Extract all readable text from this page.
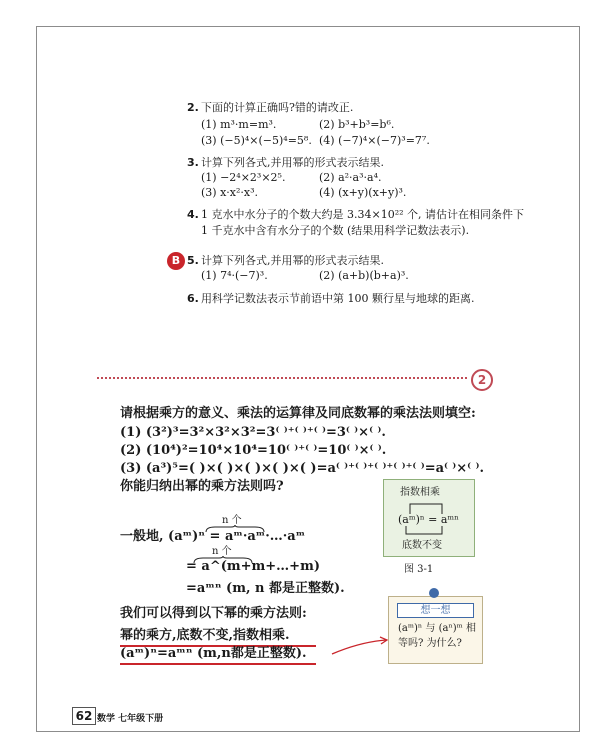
2. 下面的计算正确吗?错的请改正.
(1) m³·m=m³.	(2) b³+b³=b⁶.
(3) (−5)⁴×(−5)⁴=5⁸. (4) (−7)⁴×(−7)³=7⁷.
3. 计算下列各式,并用幂的形式表示结果.
(1) −2⁴×2³×2⁵.	(2) a²·a³·a⁴.
(3) x·x²·x³.	(4) (x+y)(x+y)³.
4. 1 克水中水分子的个数大约是 3.34×10²² 个, 请估计在相同条件下
1 千克水中含有水分子的个数 (结果用科学记数法表示).
B 5. 计算下列各式,并用幂的形式表示结果.
(1) 7⁴·(−7)³.	(2) (a+b)(b+a)³.
6. 用科学记数法表示节前语中第 100 颗行星与地球的距离.
2
请根据乘方的意义、乘法的运算律及同底数幂的乘法法则填空:
(1) (3²)³=3²×3²×3²=3⁽ ⁾⁺⁽ ⁾⁺⁽ ⁾=3⁽ ⁾×⁽ ⁾.
(2) (10⁴)²=10⁴×10⁴=10⁽ ⁾⁺⁽ ⁾=10⁽ ⁾×⁽ ⁾.
(3) (a³)⁵=( )×( )×( )×( )×( )=a⁽ ⁾⁺⁽ ⁾⁺⁽ ⁾⁺⁽ ⁾⁺⁽ ⁾=a⁽ ⁾×⁽ ⁾.
你能归纳出幂的乘方法则吗?
n 个
一般地, (aᵐ)ⁿ = aᵐ·aᵐ·…·aᵐ
n 个
= a^(m+m+…+m)
=aᵐⁿ (m, n 都是正整数).
我们可以得到以下幂的乘方法则:
幂的乘方,底数不变,指数相乘.
(aᵐ)ⁿ=aᵐⁿ (m,n都是正整数).
指数相乘
(aᵐ)ⁿ = aᵐⁿ
底数不变
图 3-1
想一想
(aᵐ)ⁿ 与 (aⁿ)ᵐ 相
等吗? 为什么?
62 数学 七年级下册
